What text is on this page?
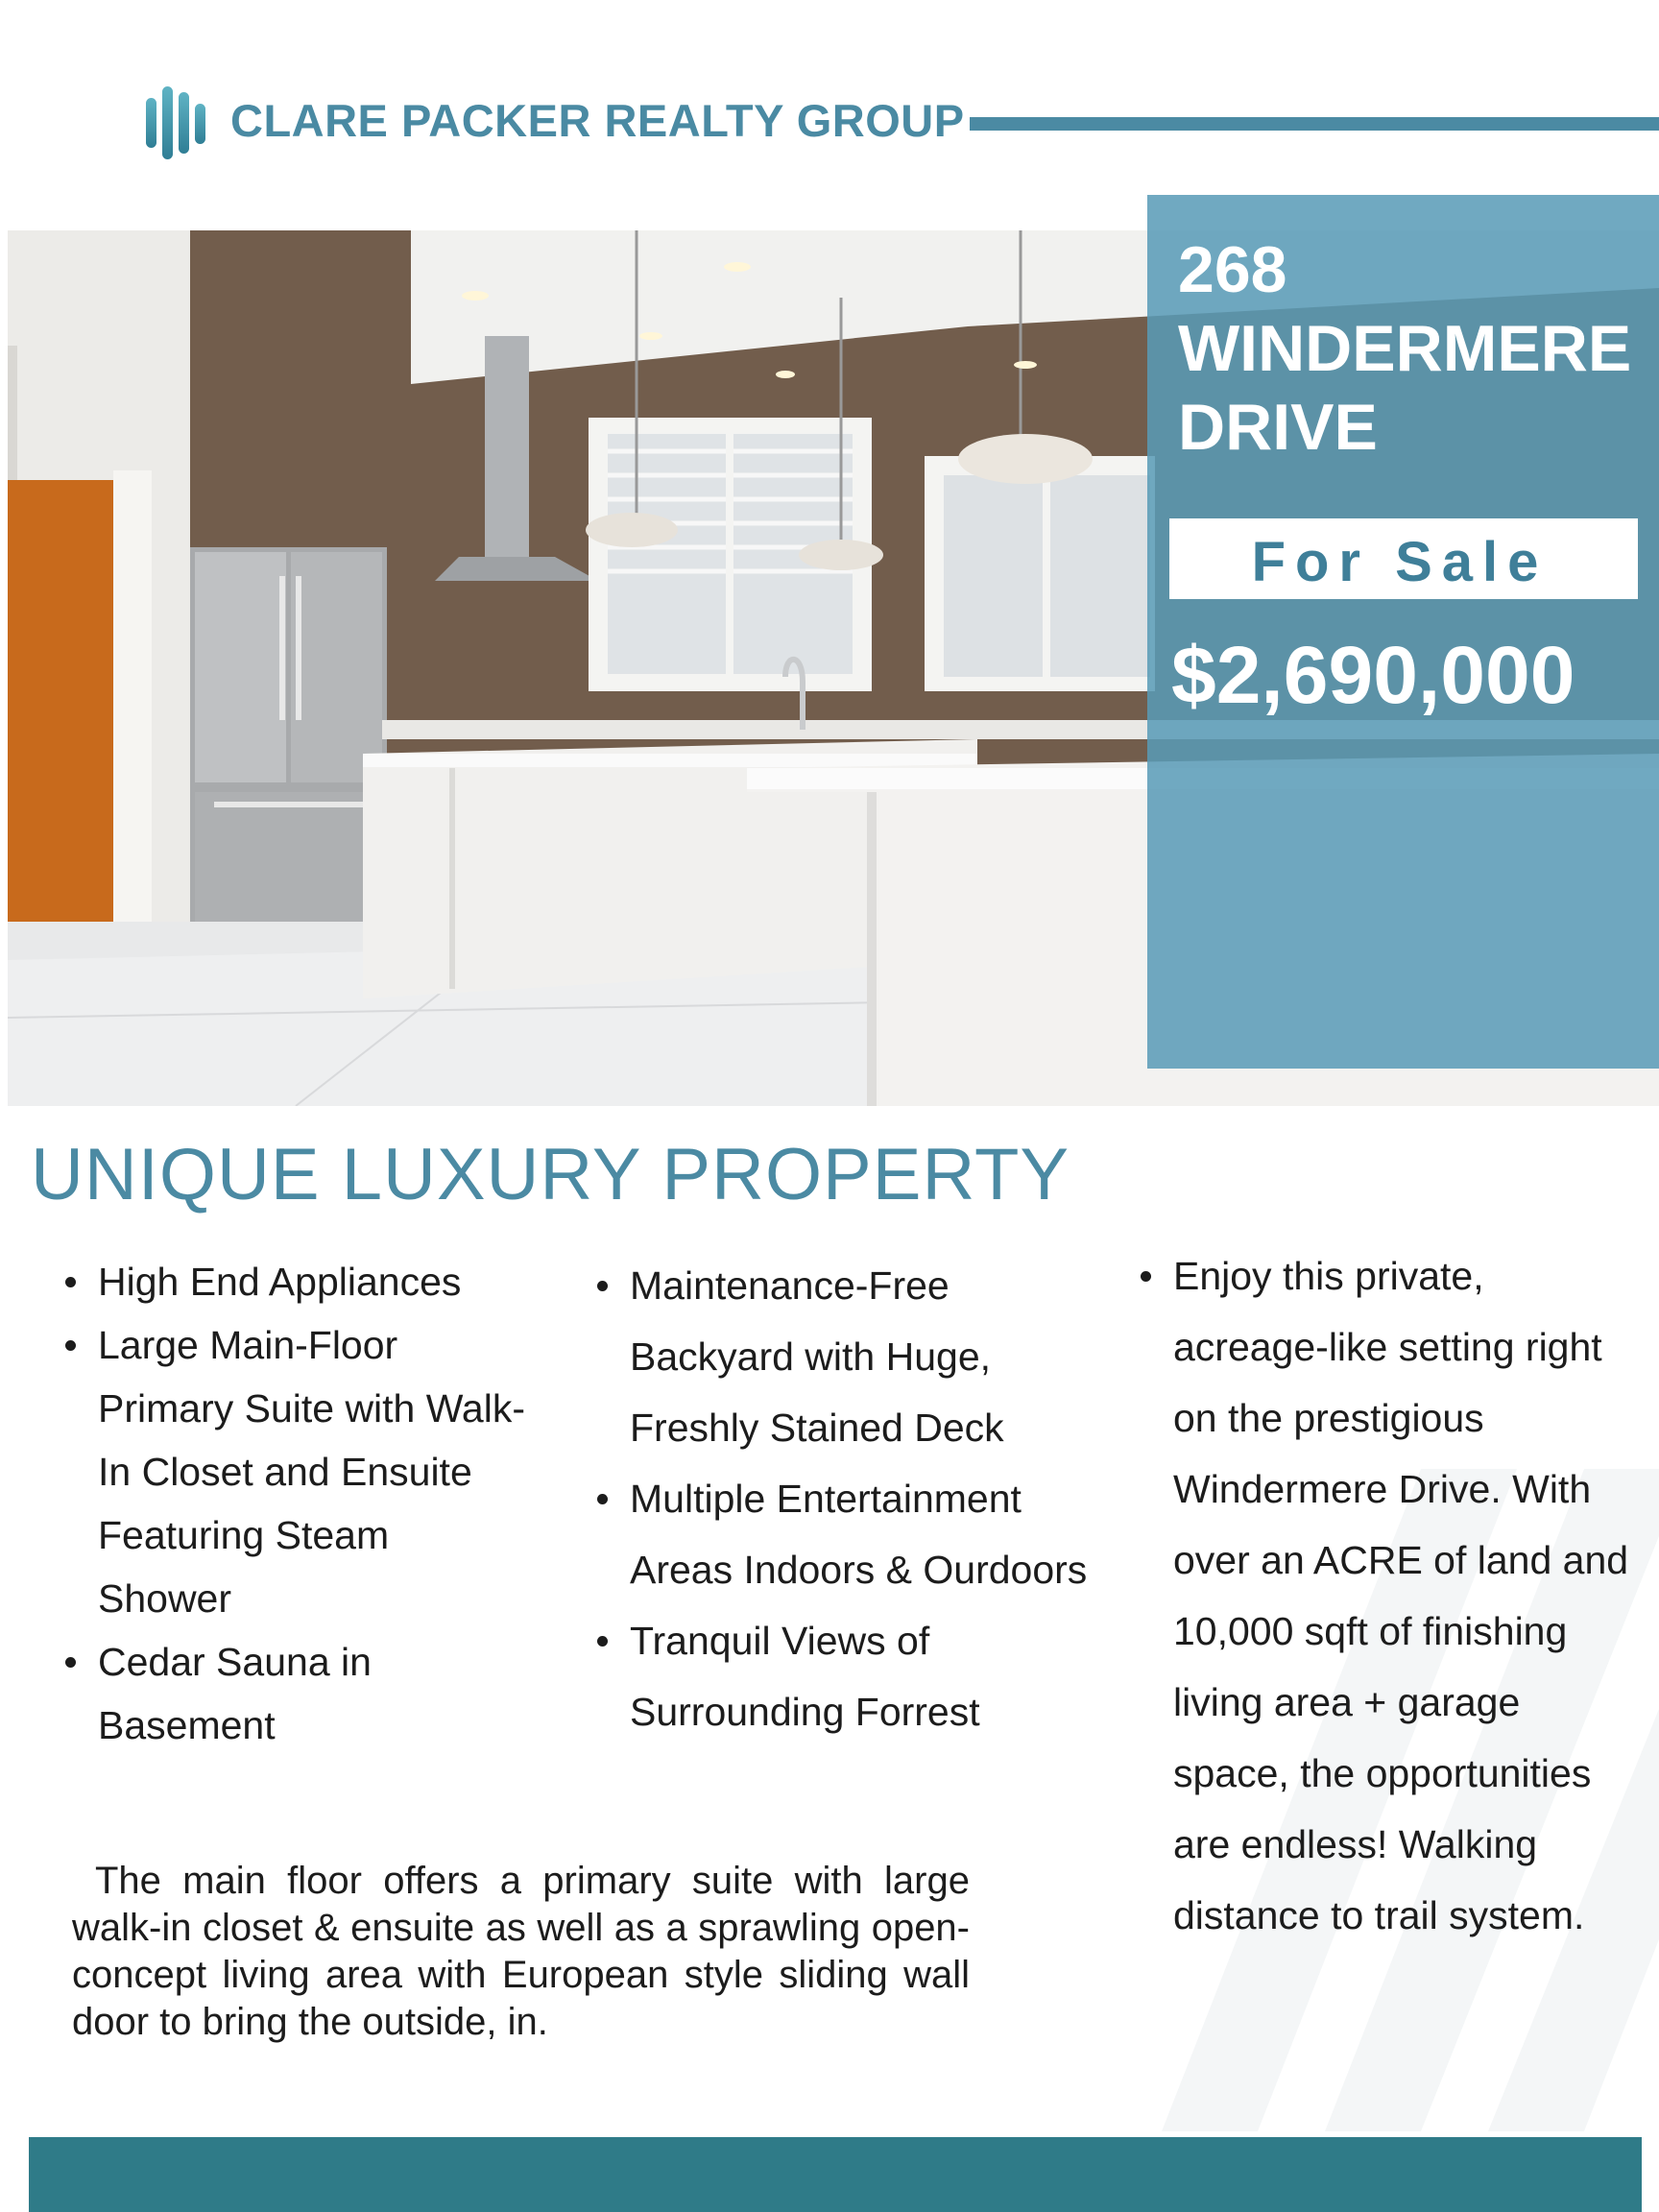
CLARE PACKER REALTY GROUP
268
WINDERMERE
DRIVE
For Sale
$2,690,000
UNIQUE LUXURY PROPERTY
High End Appliances
Large Main-Floor Primary Suite with Walk-In Closet and Ensuite Featuring Steam Shower
Cedar Sauna in Basement
Maintenance-Free Backyard with Huge, Freshly Stained Deck
Multiple Entertainment Areas Indoors & Ourdoors
Tranquil Views of Surrounding Forrest
Enjoy this private, acreage-like setting right on the prestigious Windermere Drive. With over an ACRE of land and 10,000 sqft of finishing living area + garage space, the opportunities are endless! Walking distance to trail system.
The main floor offers a primary suite with large walk-in closet & ensuite as well as a sprawling open-concept living area with European style sliding wall door to bring the outside, in.
